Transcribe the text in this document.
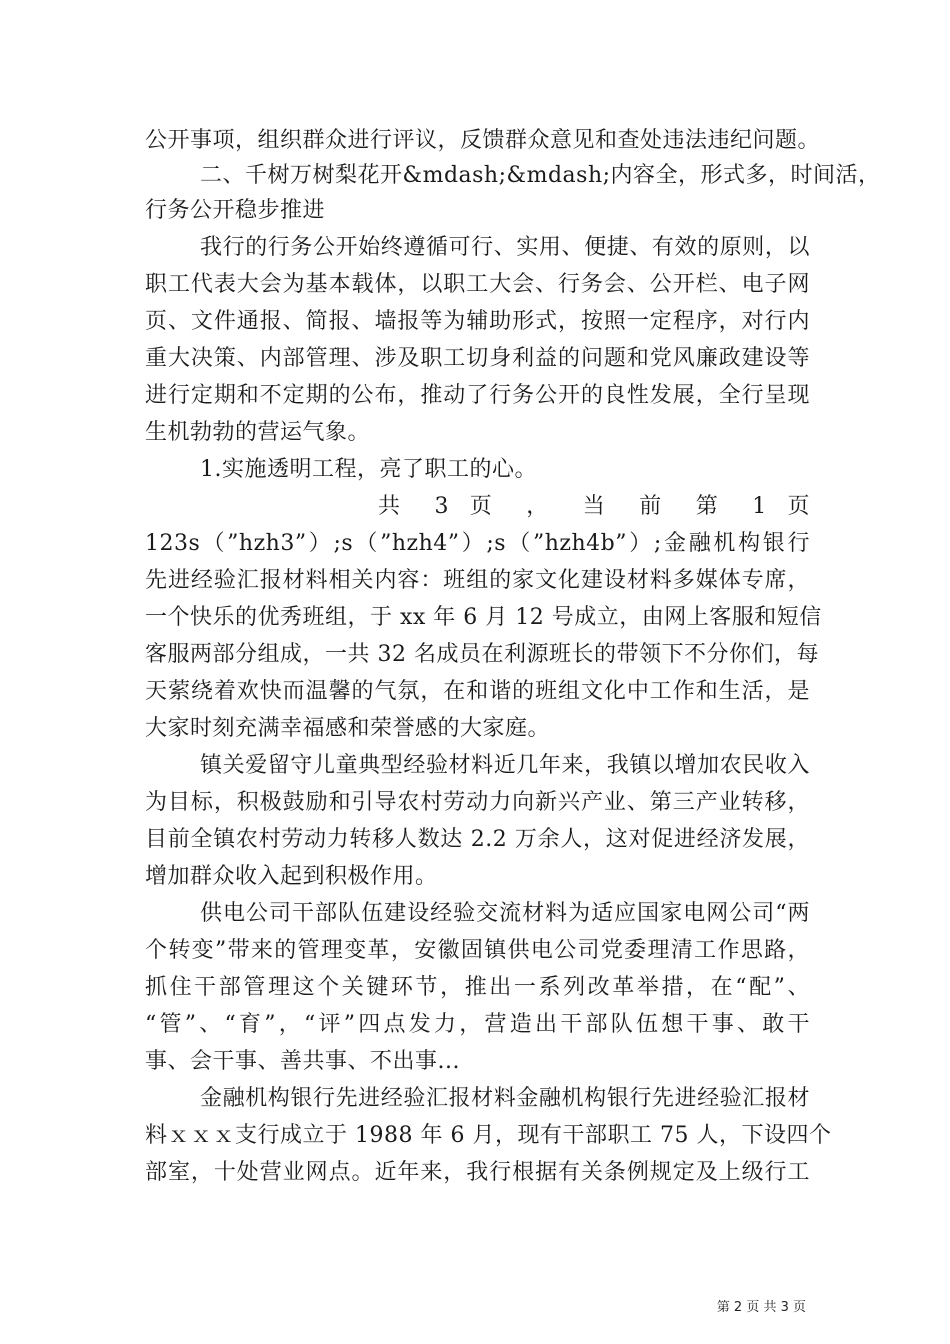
公开事项，组织群众进行评议，反馈群众意见和查处违法违纪问题。
二、千树万树梨花开&mdash;&mdash;内容全，形式多，时间活，
行务公开稳步推进
我行的行务公开始终遵循可行、实用、便捷、有效的原则，以
职工代表大会为基本载体，以职工大会、行务会、公开栏、电子网
页、文件通报、简报、墙报等为辅助形式，按照一定程序，对行内
重大决策、内部管理、涉及职工切身利益的问题和党风廉政建设等
进行定期和不定期的公布，推动了行务公开的良性发展，全行呈现
生机勃勃的营运气象。
1.实施透明工程，亮了职工的心。
共 3 页 ， 当 前 第 1 页
123s（”hzh3”）;s（”hzh4”）;s（”hzh4b”）;金融机构银行
先进经验汇报材料相关内容：班组的家文化建设材料多媒体专席，
一个快乐的优秀班组，于 xx 年 6 月 12 号成立，由网上客服和短信
客服两部分组成，一共 32 名成员在利源班长的带领下不分你们，每
天萦绕着欢快而温馨的气氛，在和谐的班组文化中工作和生活，是
大家时刻充满幸福感和荣誉感的大家庭。
镇关爱留守儿童典型经验材料近几年来，我镇以增加农民收入
为目标，积极鼓励和引导农村劳动力向新兴产业、第三产业转移，
目前全镇农村劳动力转移人数达 2.2 万余人，这对促进经济发展，
增加群众收入起到积极作用。
供电公司干部队伍建设经验交流材料为适应国家电网公司“两
个转变”带来的管理变革，安徽固镇供电公司党委理清工作思路，
抓住干部管理这个关键环节，推出一系列改革举措，在“配”、
“管”、“育”，“评”四点发力，营造出干部队伍想干事、敢干
事、会干事、善共事、不出事...
金融机构银行先进经验汇报材料金融机构银行先进经验汇报材
料ｘｘｘ支行成立于 1988 年 6 月，现有干部职工 75 人，下设四个
部室，十处营业网点。近年来，我行根据有关条例规定及上级行工
第 2 页 共 3 页
